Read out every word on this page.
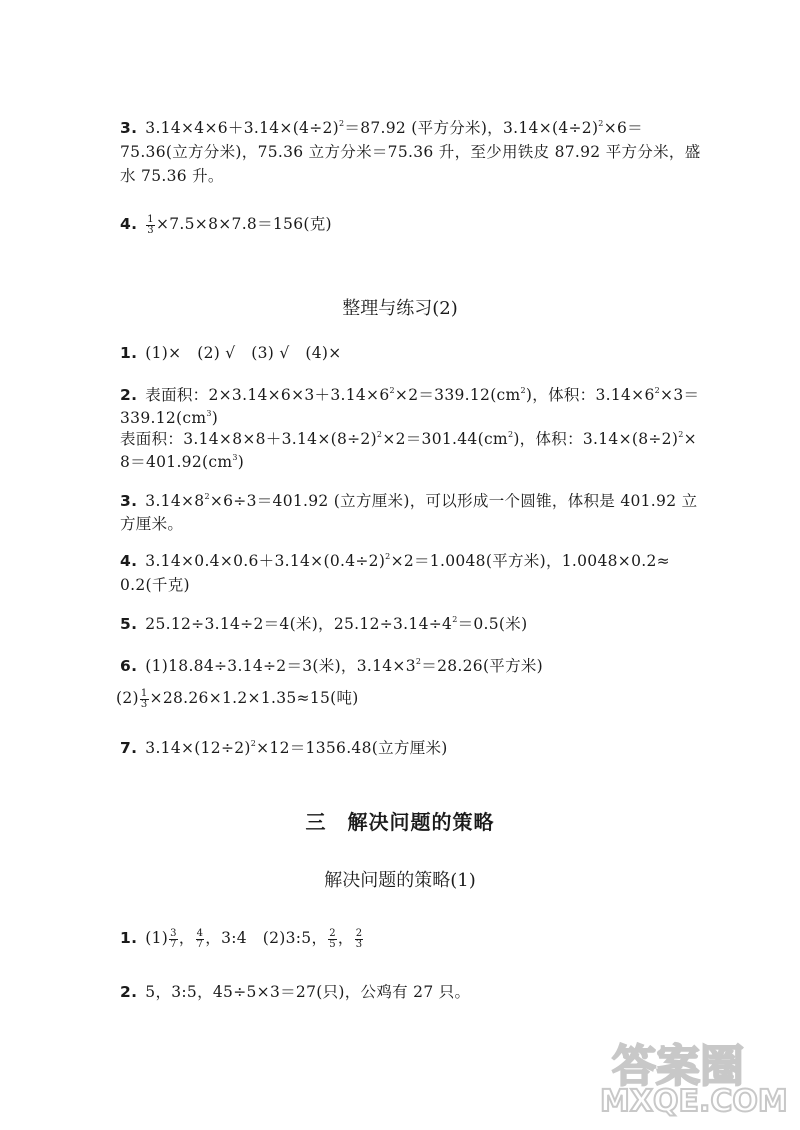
3. $3.14\times 4\times 6+3.14\times(4\div 2)^2=87.92$ (平方分米)，$3.14\times(4\div 2)^2\times 6=$
75.36(立方分米)，75.36 立方分米＝75.36 升，至少用铁皮 87.92 平方分米，盛
水 75.36 升。
4. $\frac{1}{3} \times 7.5\times 8\times 7.8=156$(克)
整理与练习(2)
1. (1)×　(2) √　(3) √　(4)×
2. 表面积：$2\times 3.14\times 6\times 3+3.14\times 6^2\times 2=339.12(cm^2)$，体积：$3.14\times 6^2\times 3=$
$339.12(cm^3)$
表面积：$3.14\times 8\times 8+3.14\times(8\div 2)^2\times 2=301.44(cm^2)$，体积：$3.14\times(8\div 2)^2\times$
$8=401.92(cm^3)$
3. $3.14\times 8^2\times 6\div 3=401.92$ (立方厘米)，可以形成一个圆锥，体积是 401.92 立
方厘米。
4. $3.14\times 0.4\times 0.6+3.14\times(0.4\div 2)^2\times 2=1.0048$(平方米)，1.0048×0.2≈
0.2(千克)
5. 25.12÷3.14÷2＝4(米)，$25.12\div 3.14\div 4^2=0.5$(米)
6. (1)18.84÷3.14÷2＝3(米)，$3.14\times 3^2=28.26$(平方米)
$(2) \frac{1}{3} \times 28.26\times 1.2\times 1.35\approx 15$(吨)
7. $3.14\times(12\div 2)^2\times 12=1356.48$(立方厘米)
三　解决问题的策略
解决问题的策略(1)
1. $(1) \frac{3}{7}$ ， $\frac{4}{7}$ ，3:4　(2)3:5， $\frac{2}{5}$ ， $\frac{2}{3}$
2. 5，3:5，45÷5×3＝27(只)，公鸡有 27 只。
答案圈
MXQE.COM
